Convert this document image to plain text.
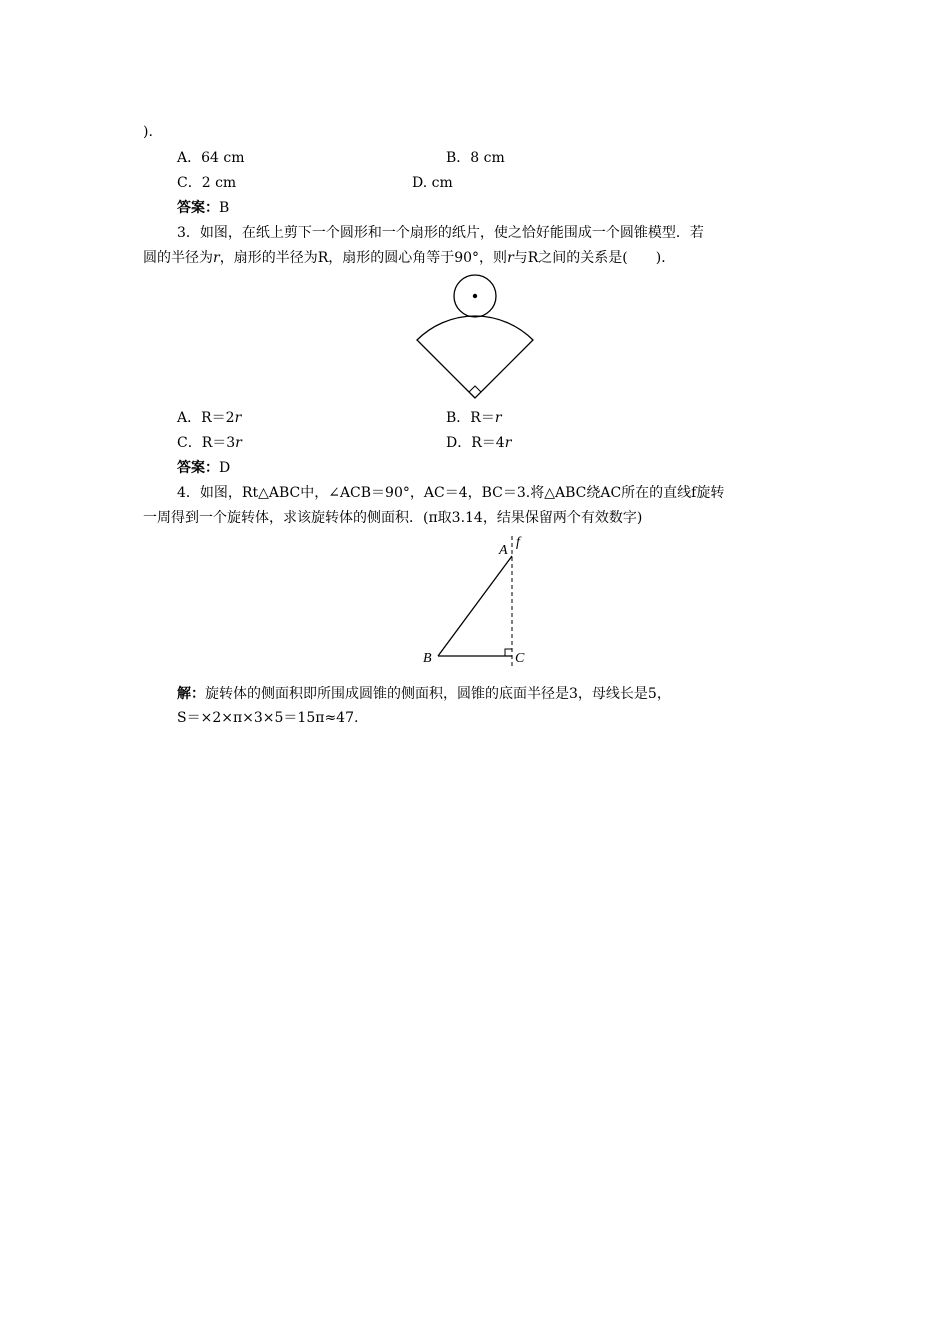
).
A．64 cm	B．8 cm
C．2 cm	D. cm
答案：B
3．如图，在纸上剪下一个圆形和一个扇形的纸片，使之恰好能围成一个圆锥模型．若
圆的半径为r，扇形的半径为R，扇形的圆心角等于90°，则r与R之间的关系是(　　)．
A．R＝2r	B．R＝r
C．R＝3r	D．R＝4r
答案：D
4．如图，Rt△ABC中，∠ACB＝90°，AC＝4，BC＝3.将△ABC绕AC所在的直线f旋转
一周得到一个旋转体，求该旋转体的侧面积．(π取3.14，结果保留两个有效数字)
A
f
B	C
解：旋转体的侧面积即所围成圆锥的侧面积，圆锥的底面半径是3，母线长是5，
S＝×2×π×3×5＝15π≈47.
